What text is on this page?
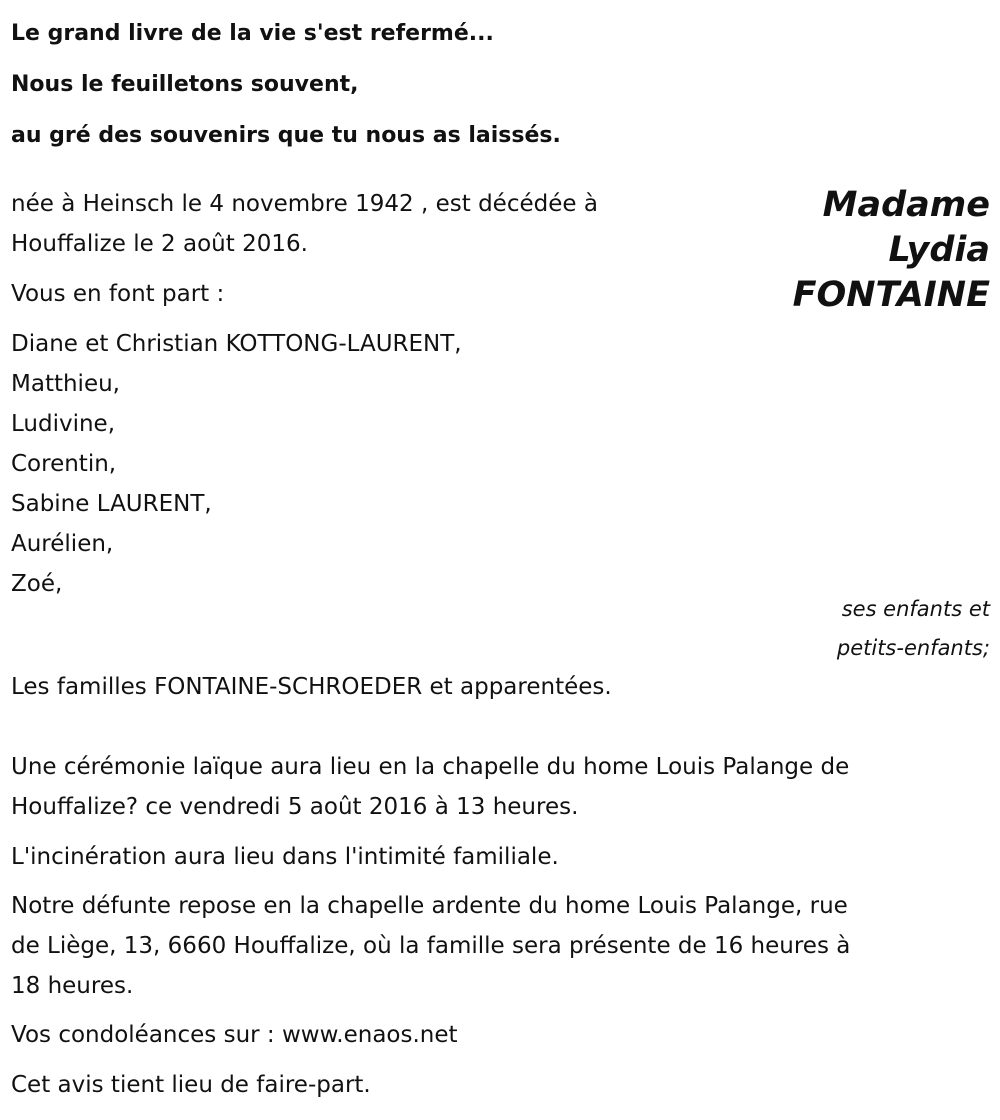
Le grand livre de la vie s'est refermé...
Nous le feuilletons souvent,
au gré des souvenirs que tu nous as laissés.
Madame
Lydia
FONTAINE
née à Heinsch le 4 novembre 1942 , est décédée à
Houffalize le 2 août 2016.
Vous en font part :
Diane et Christian KOTTONG-LAURENT,
Matthieu,
Ludivine,
Corentin,
Sabine LAURENT,
Aurélien,
Zoé,
ses enfants et
petits-enfants;
Les familles FONTAINE-SCHROEDER et apparentées.
Une cérémonie laïque aura lieu en la chapelle du home Louis Palange de
Houffalize? ce vendredi 5 août 2016 à 13 heures.
L'incinération aura lieu dans l'intimité familiale.
Notre défunte repose en la chapelle ardente du home Louis Palange, rue
de Liège, 13, 6660 Houffalize, où la famille sera présente de 16 heures à
18 heures.
Vos condoléances sur : www.enaos.net
Cet avis tient lieu de faire-part.
